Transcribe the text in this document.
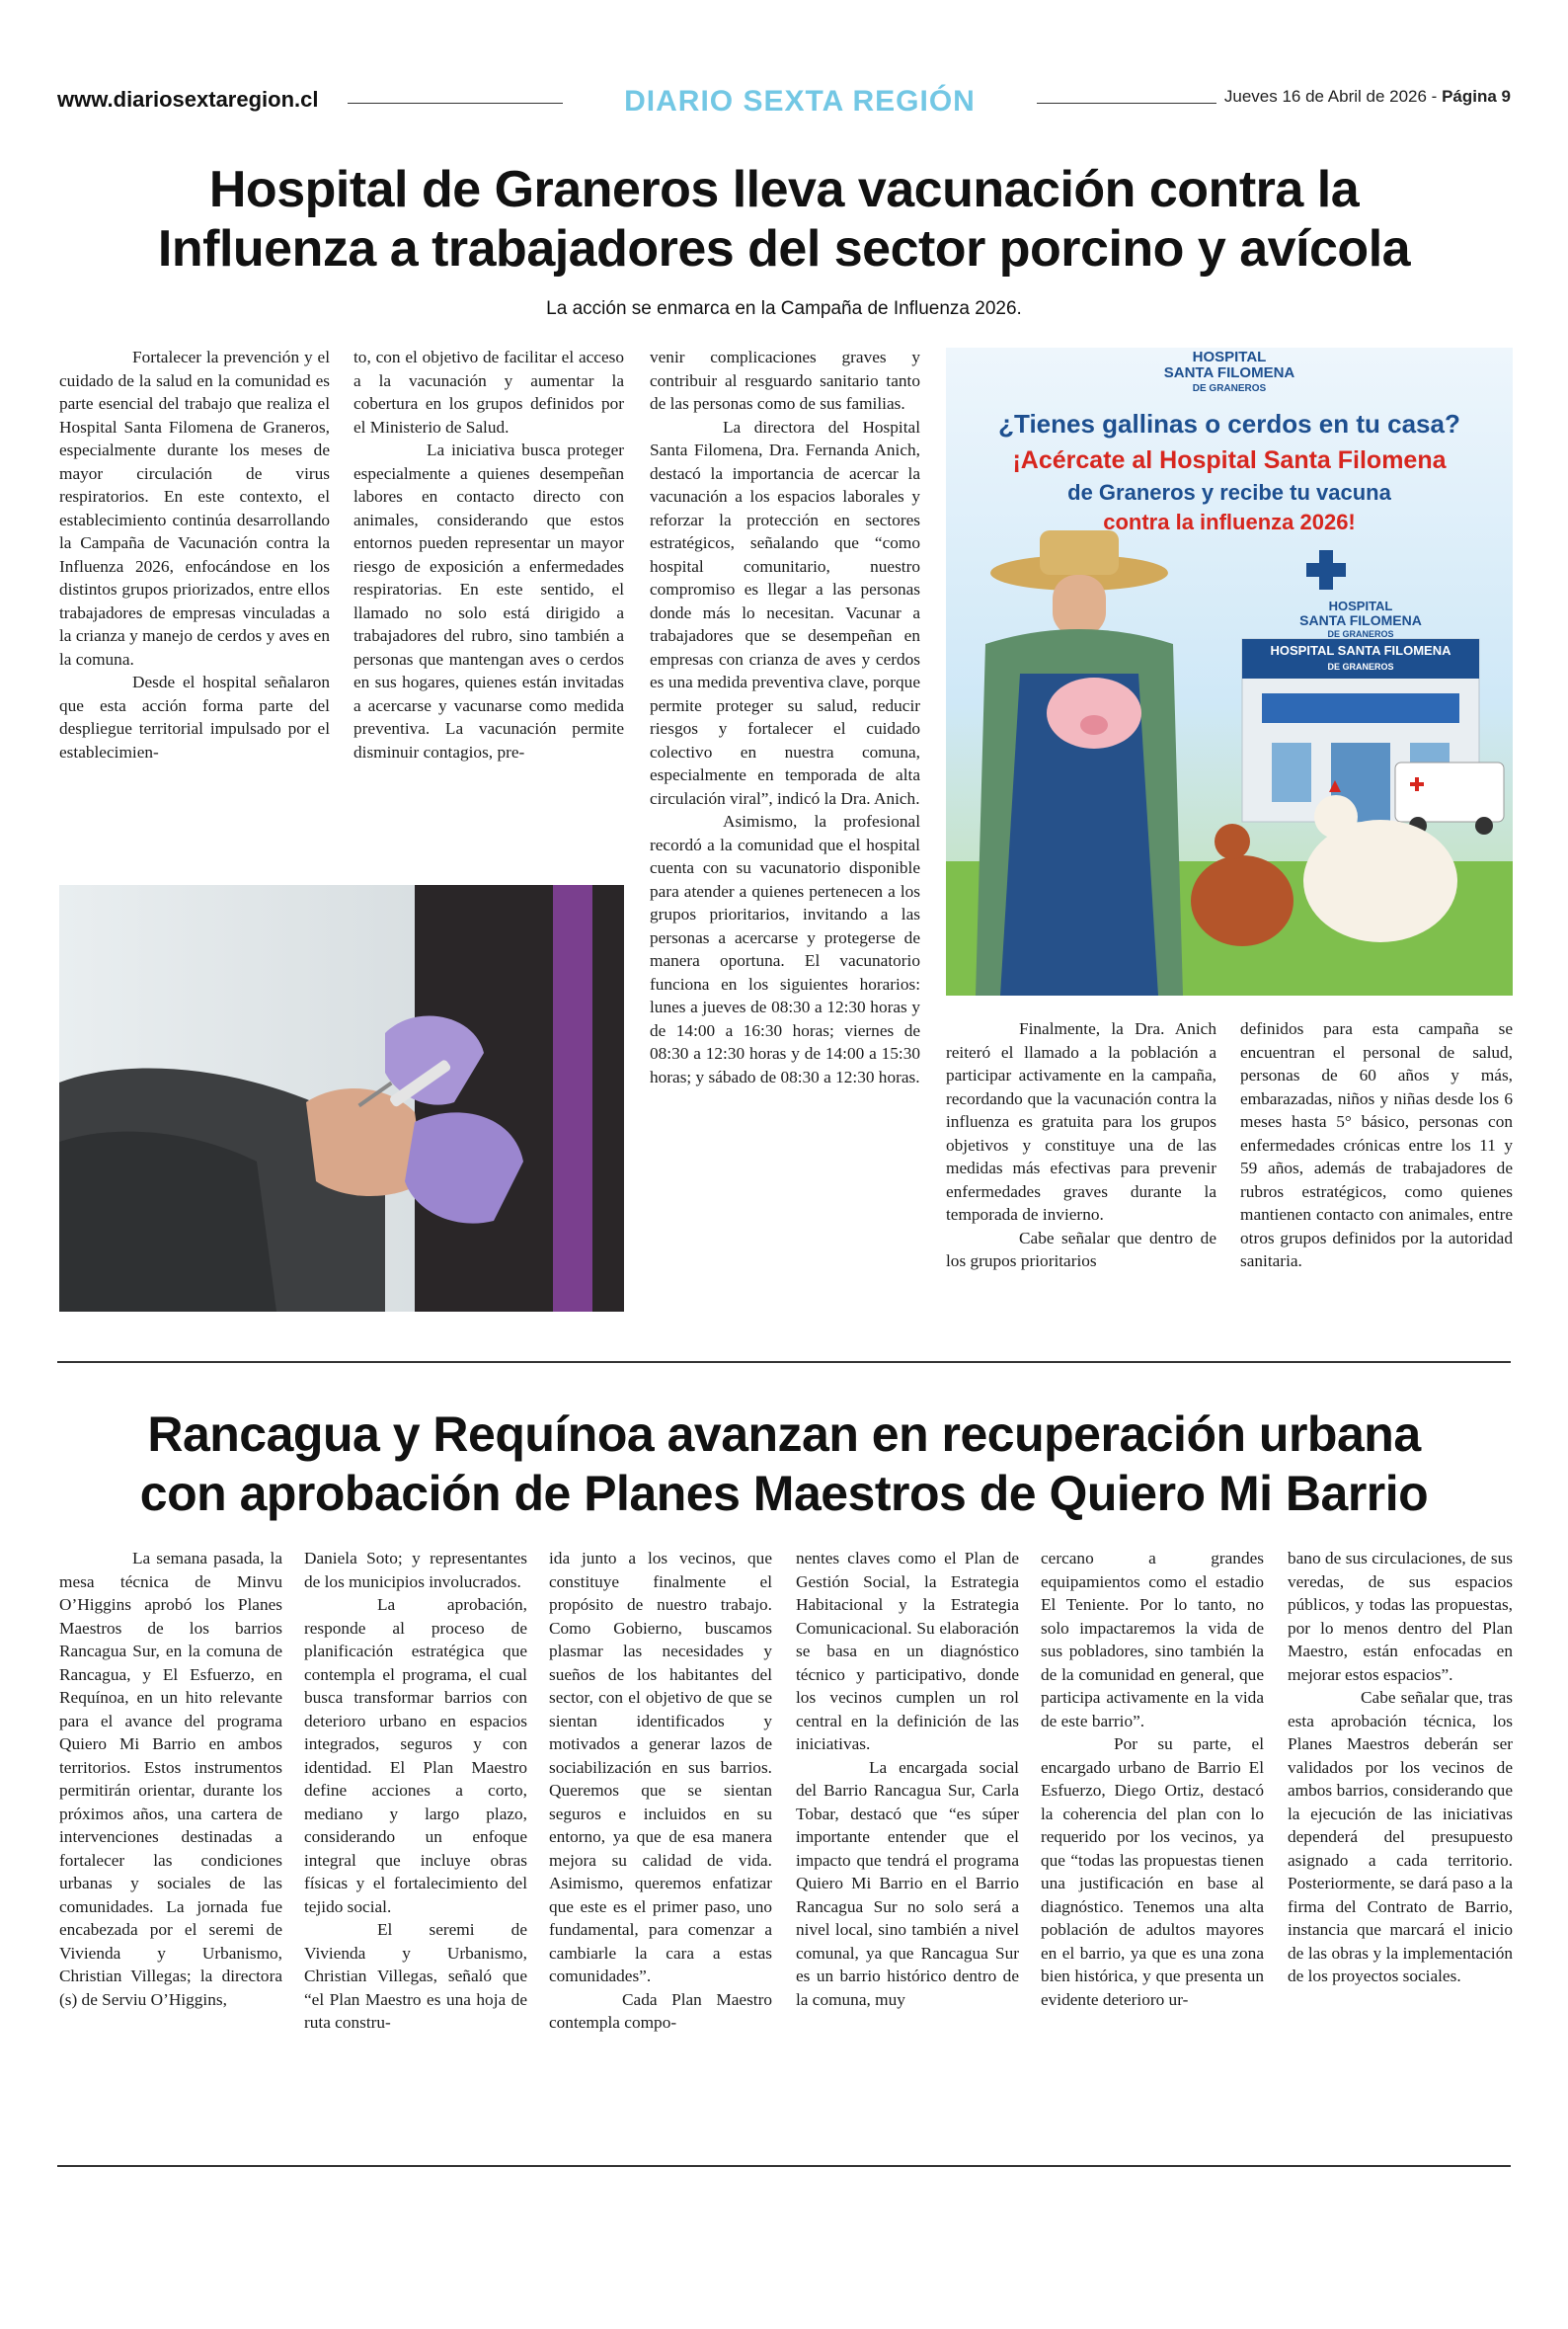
www.diariosextaregion.cl	DIARIO SEXTA REGIÓN	Jueves 16 de Abril de 2026 - Página 9
Hospital de Graneros lleva vacunación contra la
Influenza a trabajadores del sector porcino y avícola
La acción se enmarca en la Campaña de Influenza 2026.

Fortalecer la prevención y el cuidado de la salud en la comunidad es parte esencial del trabajo que realiza el Hospital Santa Filomena de Graneros, especialmente durante los meses de mayor circulación de virus respiratorios. En este contexto, el establecimiento continúa desarrollando la Campaña de Vacunación contra la Influenza 2026, enfocándose en los distintos grupos priorizados, entre ellos trabajadores de empresas vinculadas a la crianza y manejo de cerdos y aves en la comuna.

Desde el hospital señalaron que esta acción forma parte del despliegue territorial impulsado por el establecimien-

to, con el objetivo de facilitar el acceso a la vacunación y aumentar la cobertura en los grupos definidos por el Ministerio de Salud.

La iniciativa busca proteger especialmente a quienes desempeñan labores en contacto directo con animales, considerando que estos entornos pueden representar un mayor riesgo de exposición a enfermedades respiratorias. En este sentido, el llamado no solo está dirigido a trabajadores del rubro, sino también a personas que mantengan aves o cerdos en sus hogares, quienes están invitadas a acercarse y vacunarse como medida preventiva. La vacunación permite disminuir contagios, pre-

venir complicaciones graves y contribuir al resguardo sanitario tanto de las personas como de sus familias.

La directora del Hospital Santa Filomena, Dra. Fernanda Anich, destacó la importancia de acercar la vacunación a los espacios laborales y reforzar la protección en sectores estratégicos, señalando que “como hospital comunitario, nuestro compromiso es llegar a las personas donde más lo necesitan. Vacunar a trabajadores que se desempeñan en empresas con crianza de aves y cerdos es una medida preventiva clave, porque permite proteger su salud, reducir riesgos y fortalecer el cuidado colectivo en nuestra comuna, especialmente en temporada de alta circulación viral”, indicó la Dra. Anich.

Asimismo, la profesional recordó a la comunidad que el hospital cuenta con su vacunatorio disponible para atender a quienes pertenecen a los grupos prioritarios, invitando a las personas a acercarse y protegerse de manera oportuna. El vacunatorio funciona en los siguientes horarios: lunes a jueves de 08:30 a 12:30 horas y de 14:00 a 16:30 horas; viernes de 08:30 a 12:30 horas y de 14:00 a 15:30 horas; y sábado de 08:30 a 12:30 horas.

Finalmente, la Dra. Anich reiteró el llamado a la población a participar activamente en la campaña, recordando que la vacunación contra la influenza es gratuita para los grupos objetivos y constituye una de las medidas más efectivas para prevenir enfermedades graves durante la temporada de invierno.

Cabe señalar que dentro de los grupos prioritarios

definidos para esta campaña se encuentran el personal de salud, personas de 60 años y más, embarazadas, niños y niñas desde los 6 meses hasta 5° básico, personas con enfermedades crónicas entre los 11 y 59 años, además de trabajadores de rubros estratégicos, como quienes mantienen contacto con animales, entre otros grupos definidos por la autoridad sanitaria.

HOSPITAL
SANTA FILOMENA
DE GRANEROS
¿Tienes gallinas o cerdos en tu casa?
¡Acércate al Hospital Santa Filomena
de Graneros y recibe tu vacuna
contra la influenza 2026!
HOSPITAL
SANTA FILOMENA
DE GRANEROS
HOSPITAL SANTA FILOMENA
DE GRANEROS
Rancagua y Requínoa avanzan en recuperación urbana
con aprobación de Planes Maestros de Quiero Mi Barrio

La semana pasada, la mesa técnica de Minvu O’Higgins aprobó los Planes Maestros de los barrios Rancagua Sur, en la comuna de Rancagua, y El Esfuerzo, en Requínoa, en un hito relevante para el avance del programa Quiero Mi Barrio en ambos territorios. Estos instrumentos permitirán orientar, durante los próximos años, una cartera de intervenciones destinadas a fortalecer las condiciones urbanas y sociales de las comunidades. La jornada fue encabezada por el seremi de Vivienda y Urbanismo, Christian Villegas; la directora (s) de Serviu O’Higgins,

Daniela Soto; y representantes de los municipios involucrados.

La aprobación, responde al proceso de planificación estratégica que contempla el programa, el cual busca transformar barrios con deterioro urbano en espacios integrados, seguros y con identidad. El Plan Maestro define acciones a corto, mediano y largo plazo, considerando un enfoque integral que incluye obras físicas y el fortalecimiento del tejido social.

El seremi de Vivienda y Urbanismo, Christian Villegas, señaló que “el Plan Maestro es una hoja de ruta constru-

ida junto a los vecinos, que constituye finalmente el propósito de nuestro trabajo. Como Gobierno, buscamos plasmar las necesidades y sueños de los habitantes del sector, con el objetivo de que se sientan identificados y motivados a generar lazos de sociabilización en sus barrios. Queremos que se sientan seguros e incluidos en su entorno, ya que de esa manera mejora su calidad de vida. Asimismo, queremos enfatizar que este es el primer paso, uno fundamental, para comenzar a cambiarle la cara a estas comunidades”.

Cada Plan Maestro contempla compo-

nentes claves como el Plan de Gestión Social, la Estrategia Habitacional y la Estrategia Comunicacional. Su elaboración se basa en un diagnóstico técnico y participativo, donde los vecinos cumplen un rol central en la definición de las iniciativas.

La encargada social del Barrio Rancagua Sur, Carla Tobar, destacó que “es súper importante entender que el impacto que tendrá el programa Quiero Mi Barrio en el Barrio Rancagua Sur no solo será a nivel local, sino también a nivel comunal, ya que Rancagua Sur es un barrio histórico dentro de la comuna, muy

cercano a grandes equipamientos como el estadio El Teniente. Por lo tanto, no solo impactaremos la vida de sus pobladores, sino también la de la comunidad en general, que participa activamente en la vida de este barrio”.

Por su parte, el encargado urbano de Barrio El Esfuerzo, Diego Ortiz, destacó la coherencia del plan con lo requerido por los vecinos, ya que “todas las propuestas tienen una justificación en base al diagnóstico. Tenemos una alta población de adultos mayores en el barrio, ya que es una zona bien histórica, y que presenta un evidente deterioro ur-

bano de sus circulaciones, de sus veredas, de sus espacios públicos, y todas las propuestas, por lo menos dentro del Plan Maestro, están enfocadas en mejorar estos espacios”.

Cabe señalar que, tras esta aprobación técnica, los Planes Maestros deberán ser validados por los vecinos de ambos barrios, considerando que la ejecución de las iniciativas dependerá del presupuesto asignado a cada territorio. Posteriormente, se dará paso a la firma del Contrato de Barrio, instancia que marcará el inicio de las obras y la implementación de los proyectos sociales.
